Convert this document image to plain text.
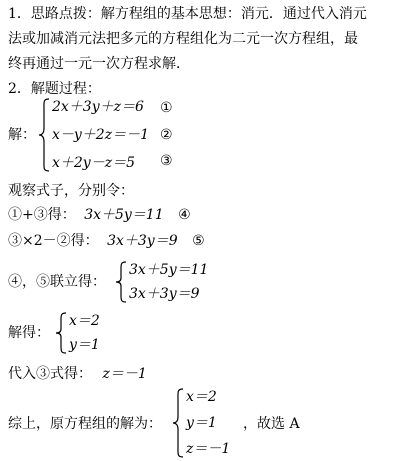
1．思路点拨：解方程组的基本思想：消元．通过代入消元
法或加减消元法把多元的方程组化为二元一次方程组，最
终再通过一元一次方程求解．
2．解题过程：
解：
2x＋3y＋z＝6
x－y＋2z＝－1
x＋2y－z＝5
①
②
③
观察式子，分别令：
①+③得： 3x＋5y＝11 ④
③×2－②得： 3x＋3y＝9 ⑤
④，⑤联立得：
3x＋5y＝11
3x＋3y＝9
解得：
x＝2
y＝1
代入③式得： z＝－1
综上，原方程组的解为：
x＝2
y＝1
z＝－1
，故选 A
